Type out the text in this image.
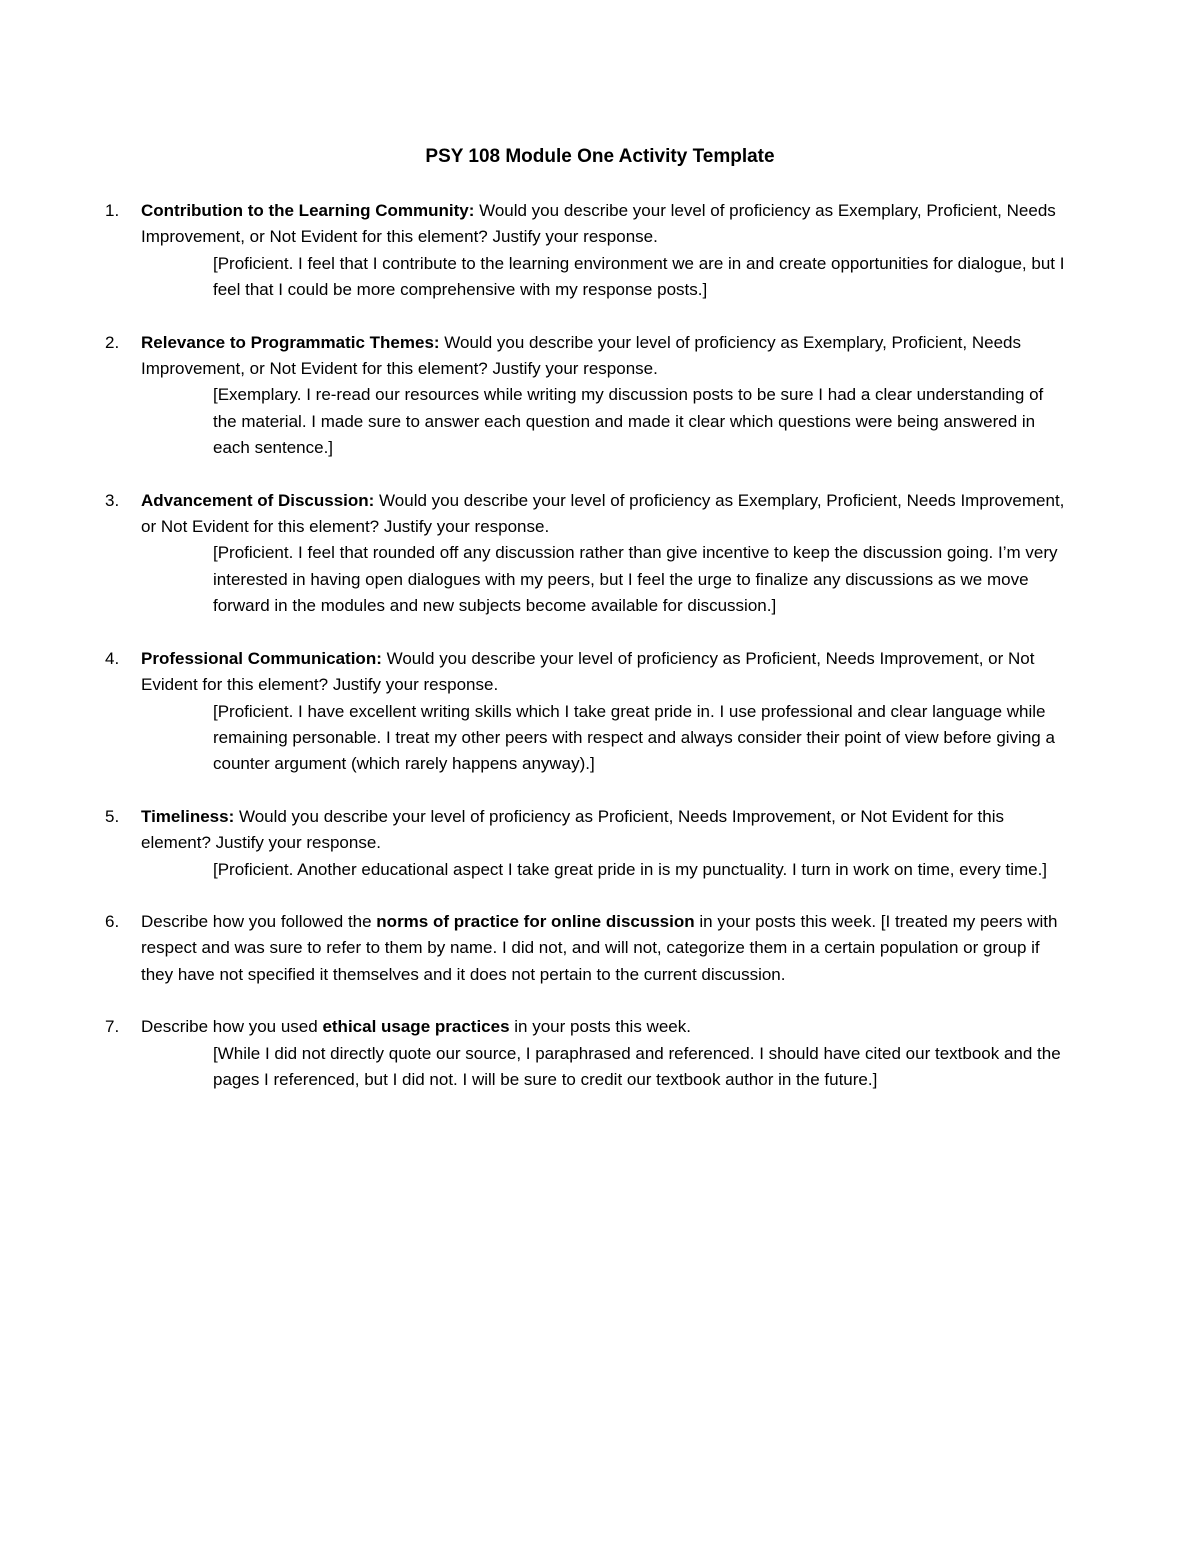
PSY 108 Module One Activity Template
1. Contribution to the Learning Community: Would you describe your level of proficiency as Exemplary, Proficient, Needs Improvement, or Not Evident for this element? Justify your response.
[Proficient. I feel that I contribute to the learning environment we are in and create opportunities for dialogue, but I feel that I could be more comprehensive with my response posts.]
2. Relevance to Programmatic Themes: Would you describe your level of proficiency as Exemplary, Proficient, Needs Improvement, or Not Evident for this element? Justify your response.
[Exemplary. I re-read our resources while writing my discussion posts to be sure I had a clear understanding of the material. I made sure to answer each question and made it clear which questions were being answered in each sentence.]
3. Advancement of Discussion: Would you describe your level of proficiency as Exemplary, Proficient, Needs Improvement, or Not Evident for this element? Justify your response.
[Proficient. I feel that rounded off any discussion rather than give incentive to keep the discussion going. I’m very interested in having open dialogues with my peers, but I feel the urge to finalize any discussions as we move forward in the modules and new subjects become available for discussion.]
4. Professional Communication: Would you describe your level of proficiency as Proficient, Needs Improvement, or Not Evident for this element? Justify your response.
[Proficient. I have excellent writing skills which I take great pride in. I use professional and clear language while remaining personable. I treat my other peers with respect and always consider their point of view before giving a counter argument (which rarely happens anyway).]
5. Timeliness: Would you describe your level of proficiency as Proficient, Needs Improvement, or Not Evident for this element? Justify your response.
[Proficient. Another educational aspect I take great pride in is my punctuality. I turn in work on time, every time.]
6. Describe how you followed the norms of practice for online discussion in your posts this week. [I treated my peers with respect and was sure to refer to them by name. I did not, and will not, categorize them in a certain population or group if they have not specified it themselves and it does not pertain to the current discussion.
7. Describe how you used ethical usage practices in your posts this week.
[While I did not directly quote our source, I paraphrased and referenced. I should have cited our textbook and the pages I referenced, but I did not. I will be sure to credit our textbook author in the future.]
